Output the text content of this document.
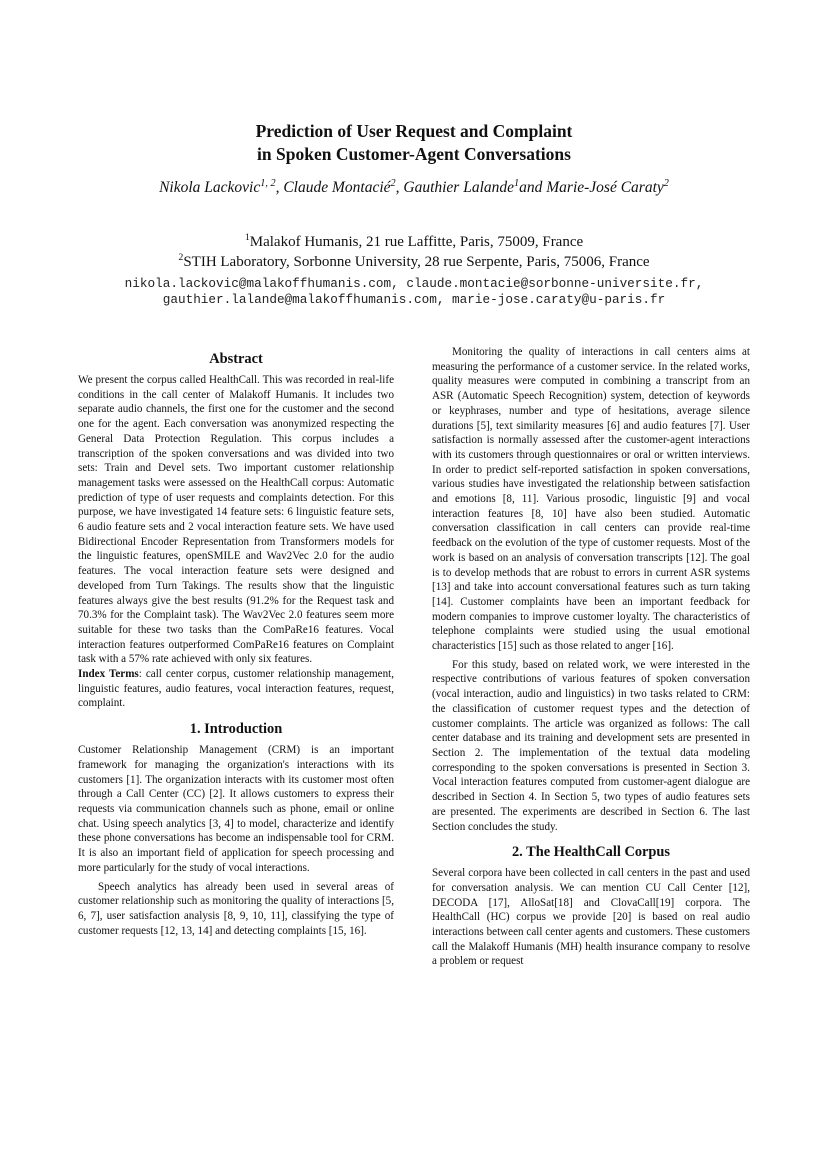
Prediction of User Request and Complaint
in Spoken Customer-Agent Conversations
Nikola Lackovic$^{1, 2}$, Claude Montacié$^2$, Gauthier Lalande$^1$and Marie-José Caraty$^2$
$^1$Malakof Humanis, 21 rue Laffitte, Paris, 75009, France
$^2$STIH Laboratory, Sorbonne University, 28 rue Serpente, Paris, 75006, France
nikola.lackovic@malakoffhumanis.com, claude.montacie@sorbonne-universite.fr,
gauthier.lalande@malakoffhumanis.com, marie-jose.caraty@u-paris.fr
Abstract

We present the corpus called HealthCall. This was recorded in real-life conditions in the call center of Malakoff Humanis. It includes two separate audio channels, the first one for the customer and the second one for the agent. Each conversation was anonymized respecting the General Data Protection Regulation. This corpus includes a transcription of the spoken conversations and was divided into two sets: Train and Devel sets. Two important customer relationship management tasks were assessed on the HealthCall corpus: Automatic prediction of type of user requests and complaints detection. For this purpose, we have investigated 14 feature sets: 6 linguistic feature sets, 6 audio feature sets and 2 vocal interaction feature sets. We have used Bidirectional Encoder Representation from Transformers models for the linguistic features, openSMILE and Wav2Vec 2.0 for the audio features. The vocal interaction feature sets were designed and developed from Turn Takings. The results show that the linguistic features always give the best results (91.2% for the Request task and 70.3% for the Complaint task). The Wav2Vec 2.0 features seem more suitable for these two tasks than the ComPaRe16 features. Vocal interaction features outperformed ComPaRe16 features on Complaint task with a 57% rate achieved with only six features.

Index Terms: call center corpus, customer relationship management, linguistic features, audio features, vocal interaction features, request, complaint.

1. Introduction

Customer Relationship Management (CRM) is an important framework for managing the organization's interactions with its customers [1]. The organization interacts with its customer most often through a Call Center (CC) [2]. It allows customers to express their requests via communication channels such as phone, email or online chat. Using speech analytics [3, 4] to model, characterize and identify these phone conversations has become an indispensable tool for CRM. It is also an important field of application for speech processing and more particularly for the study of vocal interactions.

Speech analytics has already been used in several areas of customer relationship such as monitoring the quality of interactions [5, 6, 7], user satisfaction analysis [8, 9, 10, 11], classifying the type of customer requests [12, 13, 14] and detecting complaints [15, 16].

Monitoring the quality of interactions in call centers aims at measuring the performance of a customer service. In the related works, quality measures were computed in combining a transcript from an ASR (Automatic Speech Recognition) system, detection of keywords or keyphrases, number and type of hesitations, average silence durations [5], text similarity measures [6] and audio features [7]. User satisfaction is normally assessed after the customer-agent interactions with its customers through questionnaires or oral or written interviews. In order to predict self-reported satisfaction in spoken conversations, various studies have investigated the relationship between satisfaction and emotions [8, 11]. Various prosodic, linguistic [9] and vocal interaction features [8, 10] have also been studied. Automatic conversation classification in call centers can provide real-time feedback on the evolution of the type of customer requests. Most of the work is based on an analysis of conversation transcripts [12]. The goal is to develop methods that are robust to errors in current ASR systems [13] and take into account conversational features such as turn taking [14]. Customer complaints have been an important feedback for modern companies to improve customer loyalty. The characteristics of telephone complaints were studied using the usual emotional characteristics [15] such as those related to anger [16].

For this study, based on related work, we were interested in the respective contributions of various features of spoken conversation (vocal interaction, audio and linguistics) in two tasks related to CRM: the classification of customer request types and the detection of customer complaints. The article was organized as follows: The call center database and its training and development sets are presented in Section 2. The implementation of the textual data modeling corresponding to the spoken conversations is presented in Section 3. Vocal interaction features computed from customer-agent dialogue are described in Section 4. In Section 5, two types of audio features sets are presented. The experiments are described in Section 6. The last Section concludes the study.

2. The HealthCall Corpus

Several corpora have been collected in call centers in the past and used for conversation analysis. We can mention CU Call Center [12], DECODA [17], AlloSat[18] and ClovaCall[19] corpora. The HealthCall (HC) corpus we provide [20] is based on real audio interactions between call center agents and customers. These customers call the Malakoff Humanis (MH) health insurance company to resolve a problem or request
